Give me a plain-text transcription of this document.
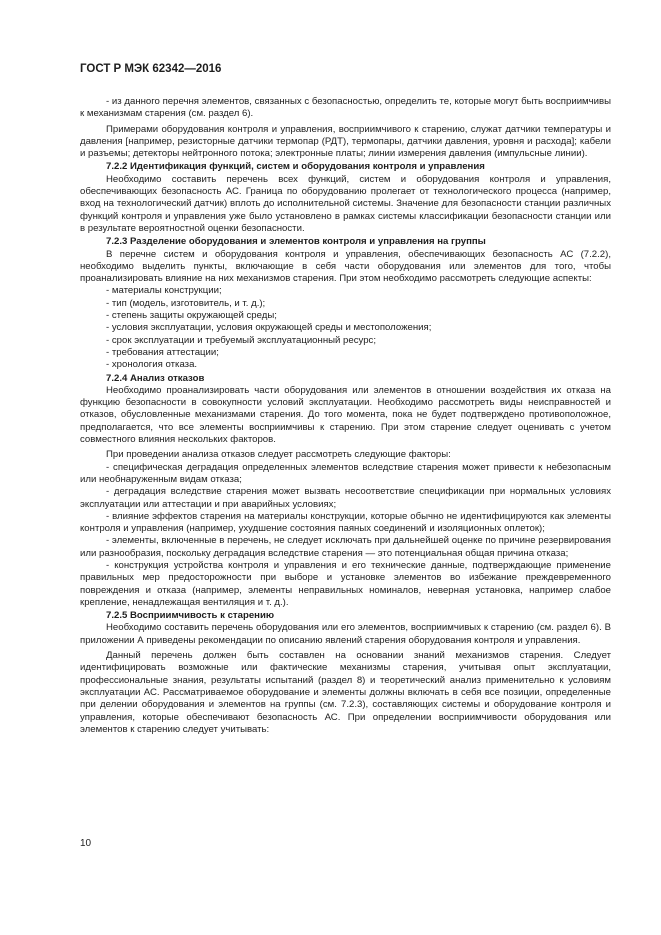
ГОСТ Р МЭК 62342—2016

- из данного перечня элементов, связанных с безопасностью, определить те, которые могут быть восприимчивы к механизмам старения (см. раздел 6).

Примерами оборудования контроля и управления, восприимчивого к старению, служат датчики температуры и давления [например, резисторные датчики термопар (РДТ), термопары, датчики давления, уровня и расхода]; кабели и разъемы; детекторы нейтронного потока; электронные платы; линии измерения давления (импульсные линии).

7.2.2 Идентификация функций, систем и оборудования контроля и управления

Необходимо составить перечень всех функций, систем и оборудования контроля и управления, обеспечивающих безопасность АС. Граница по оборудованию пролегает от технологического процесса (например, вход на технологический датчик) вплоть до исполнительной системы. Значение для безопасности станции различных функций контроля и управления уже было установлено в рамках системы классификации безопасности станции или в результате вероятностной оценки безопасности.

7.2.3 Разделение оборудования и элементов контроля и управления на группы

В перечне систем и оборудования контроля и управления, обеспечивающих безопасность АС (7.2.2), необходимо выделить пункты, включающие в себя части оборудования или элементов для того, чтобы проанализировать влияние на них механизмов старения. При этом необходимо рассмотреть следующие аспекты:

- материалы конструкции;
- тип (модель, изготовитель, и т. д.);
- степень защиты окружающей среды;
- условия эксплуатации, условия окружающей среды и местоположения;
- срок эксплуатации и требуемый эксплуатационный ресурс;
- требования аттестации;
- хронология отказа.

7.2.4 Анализ отказов

Необходимо проанализировать части оборудования или элементов в отношении воздействия их отказа на функцию безопасности в совокупности условий эксплуатации. Необходимо рассмотреть виды неисправностей и отказов, обусловленные механизмами старения. До того момента, пока не будет подтверждено противоположное, предполагается, что все элементы восприимчивы к старению. При этом старение следует оценивать с учетом совместного влияния нескольких факторов.

При проведении анализа отказов следует рассмотреть следующие факторы:

- специфическая деградация определенных элементов вследствие старения может привести к небезопасным или необнаруженным видам отказа;

- деградация вследствие старения может вызвать несоответствие спецификации при нормальных условиях эксплуатации или аттестации и при аварийных условиях;

- влияние эффектов старения на материалы конструкции, которые обычно не идентифицируются как элементы контроля и управления (например, ухудшение состояния паяных соединений и изоляционных оплеток);

- элементы, включенные в перечень, не следует исключать при дальнейшей оценке по причине резервирования или разнообразия, поскольку деградация вследствие старения — это потенциальная общая причина отказа;

- конструкция устройства контроля и управления и его технические данные, подтверждающие применение правильных мер предосторожности при выборе и установке элементов во избежание преждевременного повреждения и отказа (например, элементы неправильных номиналов, неверная установка, например слабое крепление, ненадлежащая вентиляция и т. д.).

7.2.5 Восприимчивость к старению

Необходимо составить перечень оборудования или его элементов, восприимчивых к старению (см. раздел 6). В приложении А приведены рекомендации по описанию явлений старения оборудования контроля и управления.

Данный перечень должен быть составлен на основании знаний механизмов старения. Следует идентифицировать возможные или фактические механизмы старения, учитывая опыт эксплуатации, профессиональные знания, результаты испытаний (раздел 8) и теоретический анализ применительно к условиям эксплуатации АС. Рассматриваемое оборудование и элементы должны включать в себя все позиции, определенные при делении оборудования и элементов на группы (см. 7.2.3), составляющих системы и оборудование контроля и управления, которые обеспечивают безопасность АС. При определении восприимчивости оборудования или элементов к старению следует учитывать:

10
